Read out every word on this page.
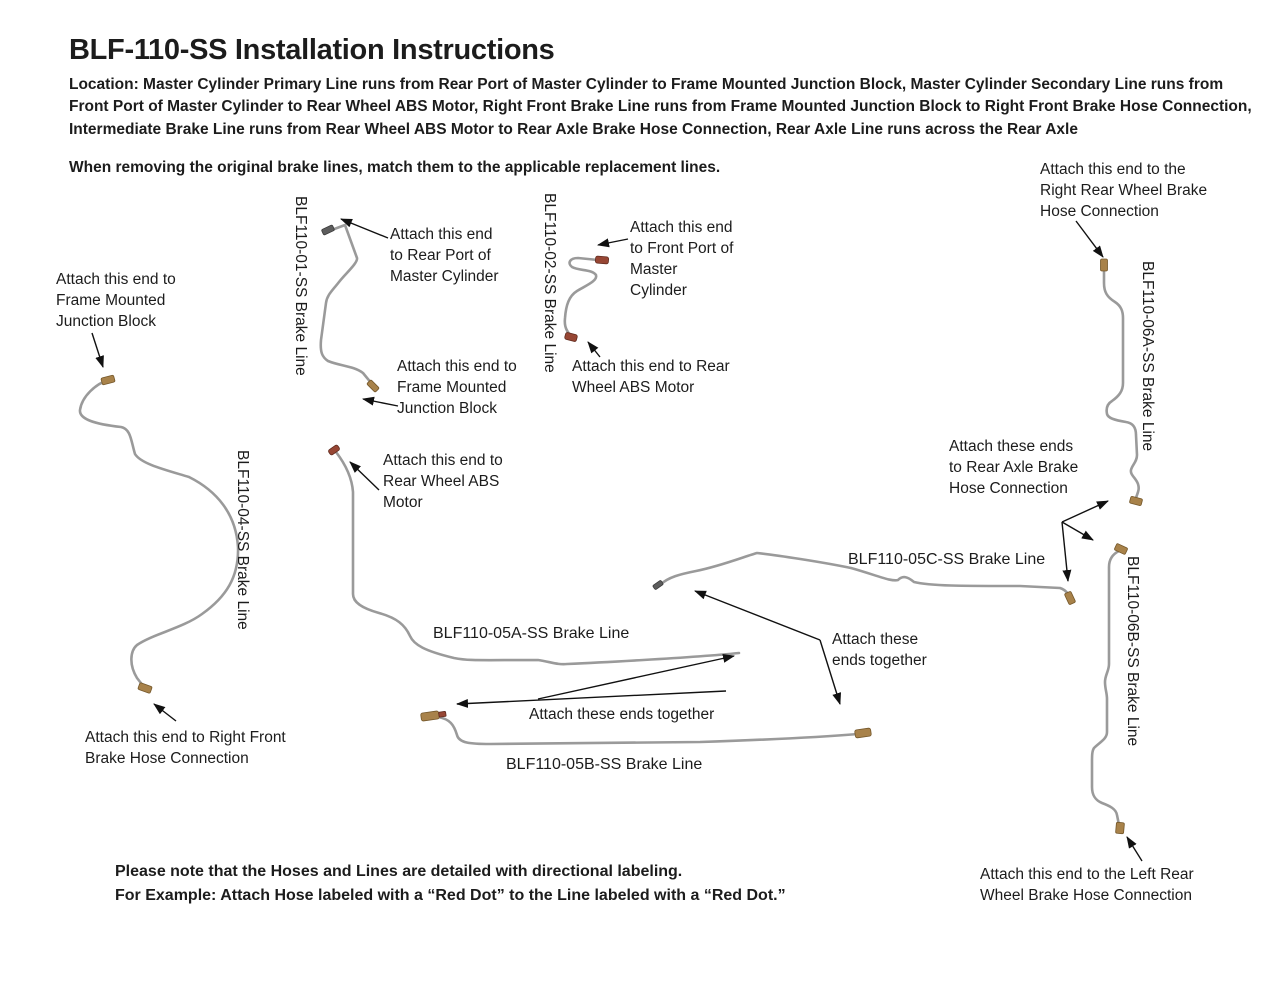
BLF-110-SS Installation Instructions
Location: Master Cylinder Primary Line runs from Rear Port of Master Cylinder to Frame Mounted Junction Block, Master Cylinder Secondary Line runs from Front Port of Master Cylinder to Rear Wheel ABS Motor, Right Front Brake Line runs from Frame Mounted Junction Block to Right Front Brake Hose Connection, Intermediate Brake Line runs from Rear Wheel ABS Motor to Rear Axle Brake Hose Connection, Rear Axle Line runs across the Rear Axle
When removing the original brake lines, match them to the applicable replacement lines.	Attach this end to the Right Rear Wheel Brake Hose Connection
Attach this end to Frame Mounted Junction Block
Attach this end to Rear Port of Master Cylinder
Attach this end to Frame Mounted Junction Block
Attach this end to Front Port of Master Cylinder
Attach this end to Rear Wheel ABS Motor
Attach this end to Rear Wheel ABS Motor
Attach these ends together
Attach this end to Right Front Brake Hose Connection
Attach these ends together
Attach these ends to Rear Axle Brake Hose Connection
Attach this end to the Left Rear Wheel Brake Hose Connection
BLF110-01-SS Brake Line	BLF110-02-SS Brake Line
BLF110-04-SS Brake Line
BLF110-06A-SS Brake Line
BLF110-06B-SS Brake Line
BLF110-05A-SS Brake Line
BLF110-05B-SS Brake Line
BLF110-05C-SS Brake Line
Please note that the Hoses and Lines are detailed with directional labeling.
For Example: Attach Hose labeled with a “Red Dot” to the Line labeled with a “Red Dot.”
